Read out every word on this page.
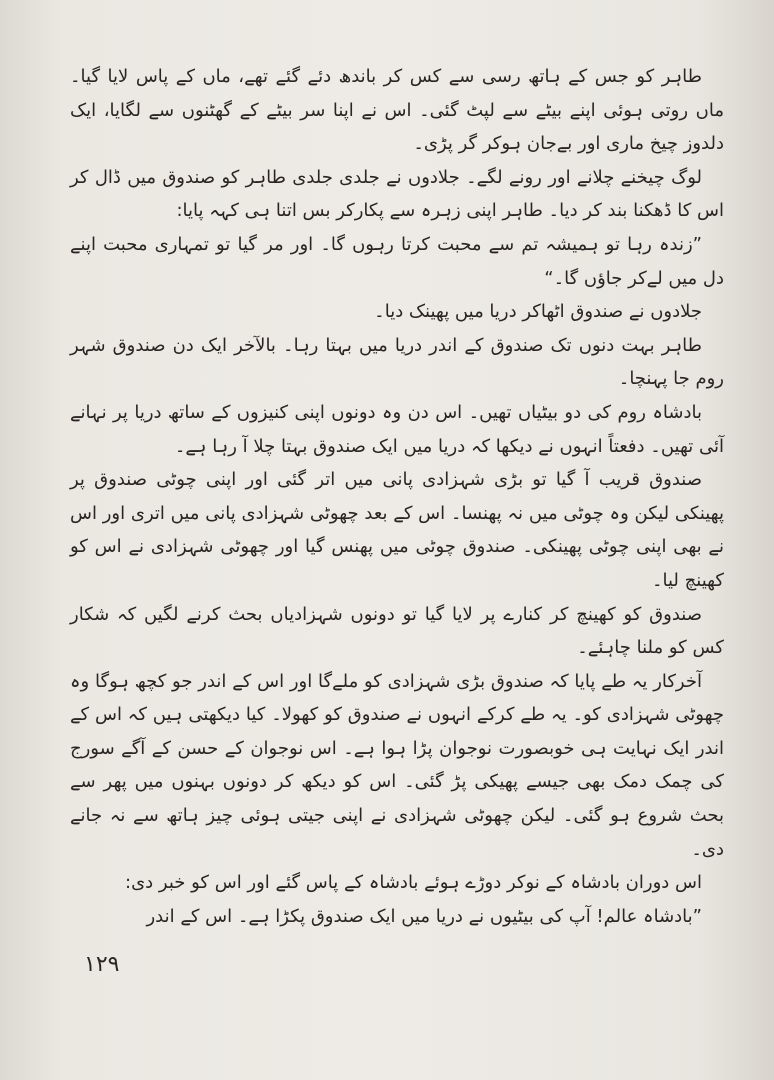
طاہر کو جس کے ہاتھ رسی سے کس کر باندھ دئے گئے تھے، ماں کے پاس لایا گیا۔ ماں روتی ہوئی اپنے بیٹے سے لپٹ گئی۔ اس نے اپنا سر بیٹے کے گھٹنوں سے لگایا، ایک دلدوز چیخ ماری اور بےجان ہوکر گر پڑی۔

لوگ چیخنے چلانے اور رونے لگے۔ جلادوں نے جلدی جلدی طاہر کو صندوق میں ڈال کر اس کا ڈھکنا بند کر دیا۔ طاہر اپنی زہرہ سے پکارکر بس اتنا ہی کہہ پایا:

”زندہ رہا تو ہمیشہ تم سے محبت کرتا رہوں گا۔ اور مر گیا تو تمہاری محبت اپنے دل میں لےکر جاؤں گا۔“

جلادوں نے صندوق اٹھاکر دریا میں پھینک دیا۔

طاہر بہت دنوں تک صندوق کے اندر دریا میں بہتا رہا۔ بالآخر ایک دن صندوق شہر روم جا پہنچا۔

بادشاہ روم کی دو بیٹیاں تھیں۔ اس دن وہ دونوں اپنی کنیزوں کے ساتھ دریا پر نہانے آئی تھیں۔ دفعتاً انہوں نے دیکھا کہ دریا میں ایک صندوق بہتا چلا آ رہا ہے۔

صندوق قریب آ گیا تو بڑی شہزادی پانی میں اتر گئی اور اپنی چوٹی صندوق پر پھینکی لیکن وہ چوٹی میں نہ پھنسا۔ اس کے بعد چھوٹی شہزادی پانی میں اتری اور اس نے بھی اپنی چوٹی پھینکی۔ صندوق چوٹی میں پھنس گیا اور چھوٹی شہزادی نے اس کو کھینچ لیا۔

صندوق کو کھینچ کر کنارے پر لایا گیا تو دونوں شہزادیاں بحث کرنے لگیں کہ شکار کس کو ملنا چاہئے۔

آخرکار یہ طے پایا کہ صندوق بڑی شہزادی کو ملےگا اور اس کے اندر جو کچھ ہوگا وہ چھوٹی شہزادی کو۔ یہ طے کرکے انہوں نے صندوق کو کھولا۔ کیا دیکھتی ہیں کہ اس کے اندر ایک نہایت ہی خوبصورت نوجوان پڑا ہوا ہے۔ اس نوجوان کے حسن کے آگے سورج کی چمک دمک بھی جیسے پھیکی پڑ گئی۔ اس کو دیکھ کر دونوں بہنوں میں پھر سے بحث شروع ہو گئی۔ لیکن چھوٹی شہزادی نے اپنی جیتی ہوئی چیز ہاتھ سے نہ جانے دی۔

اس دوران بادشاہ کے نوکر دوڑے ہوئے بادشاہ کے پاس گئے اور اس کو خبر دی:

”بادشاہ عالم! آپ کی بیٹیوں نے دریا میں ایک صندوق پکڑا ہے۔ اس کے اندر

۱۲۹
